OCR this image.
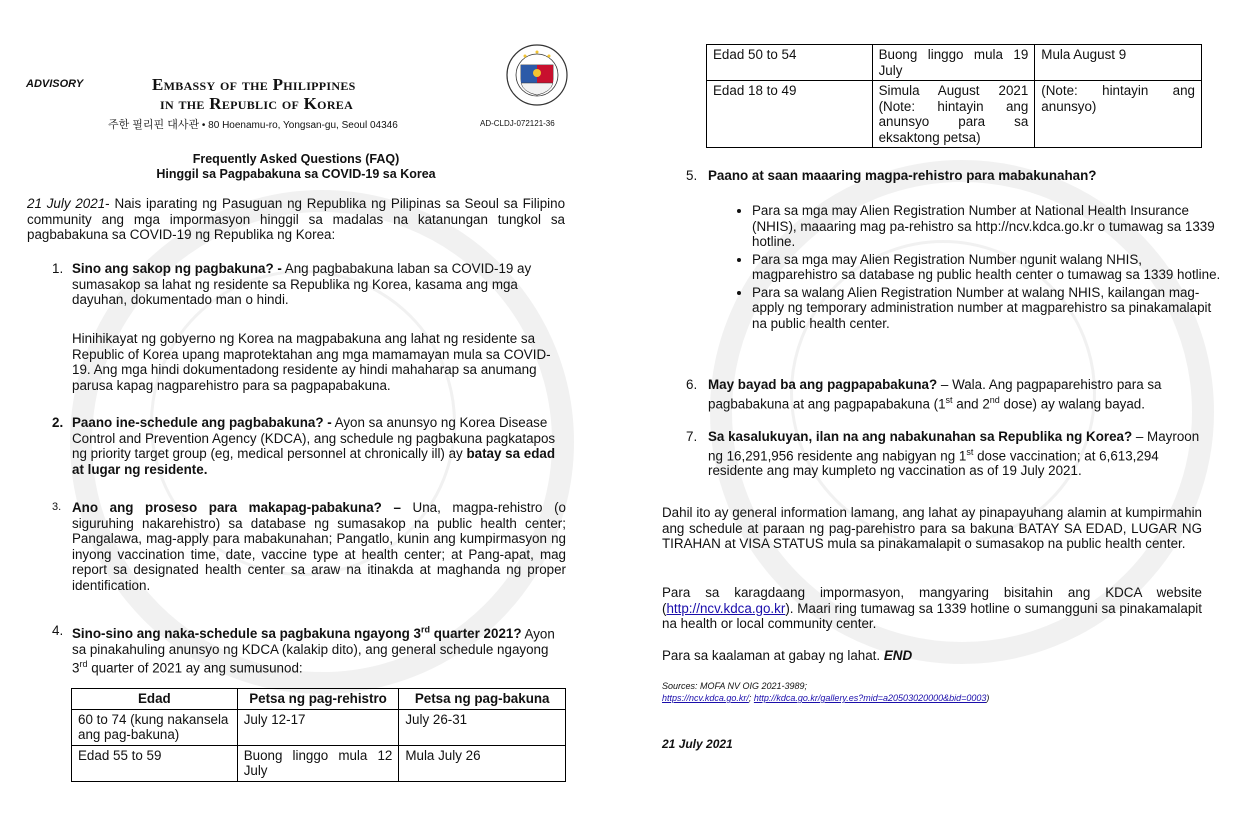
ADVISORY	Embassy of the Philippines
in the Republic of Korea
주한 필리핀 대사관 • 80 Hoenamu-ro, Yongsan-gu, Seoul 04346	AD-CLDJ-072121-36
Frequently Asked Questions (FAQ)
Hinggil sa Pagpabakuna sa COVID-19 sa Korea
21 July 2021- Nais iparating ng Pasuguan ng Republika ng Pilipinas sa Seoul sa Filipino community ang mga impormasyon hinggil sa madalas na katanungan tungkol sa pagbabakuna sa COVID-19 ng Republika ng Korea:
1. Sino ang sakop ng pagbakuna? - Ang pagbabakuna laban sa COVID-19 ay sumasakop sa lahat ng residente sa Republika ng Korea, kasama ang mga dayuhan, dokumentado man o hindi.
Hinihikayat ng gobyerno ng Korea na magpabakuna ang lahat ng residente sa Republic of Korea upang maprotektahan ang mga mamamayan mula sa COVID-19. Ang mga hindi dokumentadong residente ay hindi mahaharap sa anumang parusa kapag nagparehistro para sa pagpapabakuna.
2. Paano ine-schedule ang pagbabakuna? - Ayon sa anunsyo ng Korea Disease Control and Prevention Agency (KDCA), ang schedule ng pagbakuna pagkatapos ng priority target group (eg, medical personnel at chronically ill) ay batay sa edad at lugar ng residente.
3. Ano ang proseso para makapag-pabakuna? – Una, magpa-rehistro (o siguruhing nakarehistro) sa database ng sumasakop na public health center; Pangalawa, mag-apply para mabakunahan; Pangatlo, kunin ang kumpirmasyon ng inyong vaccination time, date, vaccine type at health center; at Pang-apat, mag report sa designated health center sa araw na itinakda at maghanda ng proper identification.
4. Sino-sino ang naka-schedule sa pagbakuna ngayong 3rd quarter 2021? Ayon sa pinakahuling anunsyo ng KDCA (kalakip dito), ang general schedule ngayong 3rd quarter of 2021 ay ang sumusunod:
Edad	Petsa ng pag-rehistro	Petsa ng pag-bakuna
60 to 74 (kung nakansela ang pag-bakuna)	July 12-17	July 26-31
Edad 55 to 59	Buong linggo mula 12 July	Mula July 26
Edad 50 to 54	Buong linggo mula 19 July	Mula August 9
Edad 18 to 49	Simula August 2021 (Note: hintayin ang anunsyo para sa eksaktong petsa)	(Note: hintayin ang anunsyo)
5. Paano at saan maaaring magpa-rehistro para mabakunahan?
• Para sa mga may Alien Registration Number at National Health Insurance (NHIS), maaaring mag pa-rehistro sa http://ncv.kdca.go.kr o tumawag sa 1339 hotline.
• Para sa mga may Alien Registration Number ngunit walang NHIS, magparehistro sa database ng public health center o tumawag sa 1339 hotline.
• Para sa walang Alien Registration Number at walang NHIS, kailangan mag-apply ng temporary administration number at magparehistro sa pinakamalapit na public health center.
6. May bayad ba ang pagpapabakuna? – Wala. Ang pagpaparehistro para sa pagbabakuna at ang pagpapabakuna (1st and 2nd dose) ay walang bayad.
7. Sa kasalukuyan, ilan na ang nabakunahan sa Republika ng Korea? – Mayroon ng 16,291,956 residente ang nabigyan ng 1st dose vaccination; at 6,613,294 residente ang may kumpleto ng vaccination as of 19 July 2021.
Dahil ito ay general information lamang, ang lahat ay pinapayuhang alamin at kumpirmahin ang schedule at paraan ng pag-parehistro para sa bakuna BATAY SA EDAD, LUGAR NG TIRAHAN at VISA STATUS mula sa pinakamalapit o sumasakop na public health center.
Para sa karagdaang impormasyon, mangyaring bisitahin ang KDCA website (http://ncv.kdca.go.kr). Maari ring tumawag sa 1339 hotline o sumangguni sa pinakamalapit na health or local community center.
Para sa kaalaman at gabay ng lahat. END
Sources: MOFA NV OIG 2021-3989;
https://ncv.kdca.go.kr/; http://kdca.go.kr/gallery.es?mid=a20503020000&bid=0003)
21 July 2021
